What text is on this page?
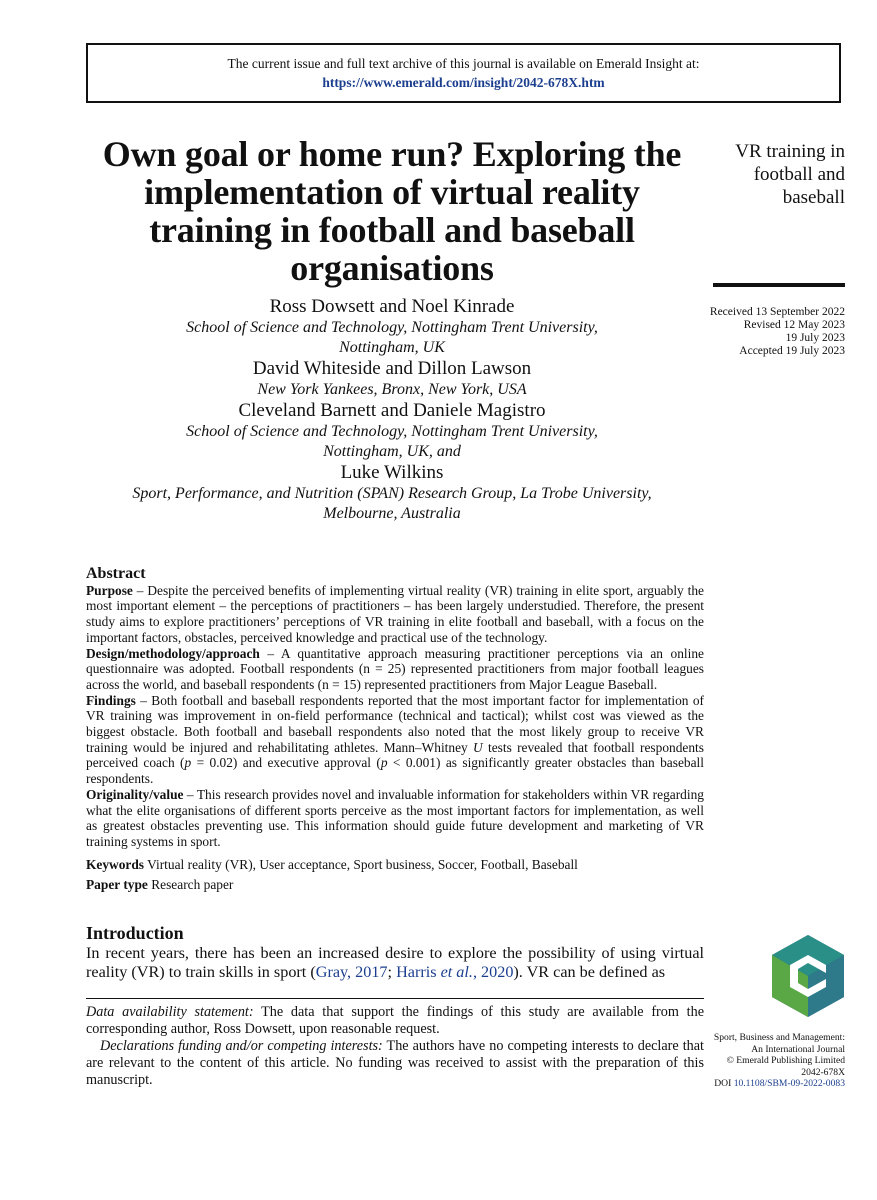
The current issue and full text archive of this journal is available on Emerald Insight at:
https://www.emerald.com/insight/2042-678X.htm
Own goal or home run? Exploring the implementation of virtual reality training in football and baseball organisations
VR training in football and baseball
Received 13 September 2022
Revised 12 May 2023
19 July 2023
Accepted 19 July 2023
Ross Dowsett and Noel Kinrade
School of Science and Technology, Nottingham Trent University,
Nottingham, UK
David Whiteside and Dillon Lawson
New York Yankees, Bronx, New York, USA
Cleveland Barnett and Daniele Magistro
School of Science and Technology, Nottingham Trent University,
Nottingham, UK, and
Luke Wilkins
Sport, Performance, and Nutrition (SPAN) Research Group, La Trobe University,
Melbourne, Australia
Abstract

Purpose – Despite the perceived benefits of implementing virtual reality (VR) training in elite sport, arguably the most important element – the perceptions of practitioners – has been largely understudied. Therefore, the present study aims to explore practitioners’ perceptions of VR training in elite football and baseball, with a focus on the important factors, obstacles, perceived knowledge and practical use of the technology.

Design/methodology/approach – A quantitative approach measuring practitioner perceptions via an online questionnaire was adopted. Football respondents (n = 25) represented practitioners from major football leagues across the world, and baseball respondents (n = 15) represented practitioners from Major League Baseball.

Findings – Both football and baseball respondents reported that the most important factor for implementation of VR training was improvement in on-field performance (technical and tactical); whilst cost was viewed as the biggest obstacle. Both football and baseball respondents also noted that the most likely group to receive VR training would be injured and rehabilitating athletes. Mann–Whitney U tests revealed that football respondents perceived coach (p = 0.02) and executive approval (p < 0.001) as significantly greater obstacles than baseball respondents.

Originality/value – This research provides novel and invaluable information for stakeholders within VR regarding what the elite organisations of different sports perceive as the most important factors for implementation, as well as greatest obstacles preventing use. This information should guide future development and marketing of VR training systems in sport.

Keywords Virtual reality (VR), User acceptance, Sport business, Soccer, Football, Baseball

Paper type Research paper

Introduction

In recent years, there has been an increased desire to explore the possibility of using virtual reality (VR) to train skills in sport (Gray, 2017; Harris et al., 2020). VR can be defined as

Data availability statement: The data that support the findings of this study are available from the corresponding author, Ross Dowsett, upon reasonable request.

Declarations funding and/or competing interests: The authors have no competing interests to declare that are relevant to the content of this article. No funding was received to assist with the preparation of this manuscript.

Sport, Business and Management:
An International Journal
© Emerald Publishing Limited
2042-678X
DOI 10.1108/SBM-09-2022-0083
